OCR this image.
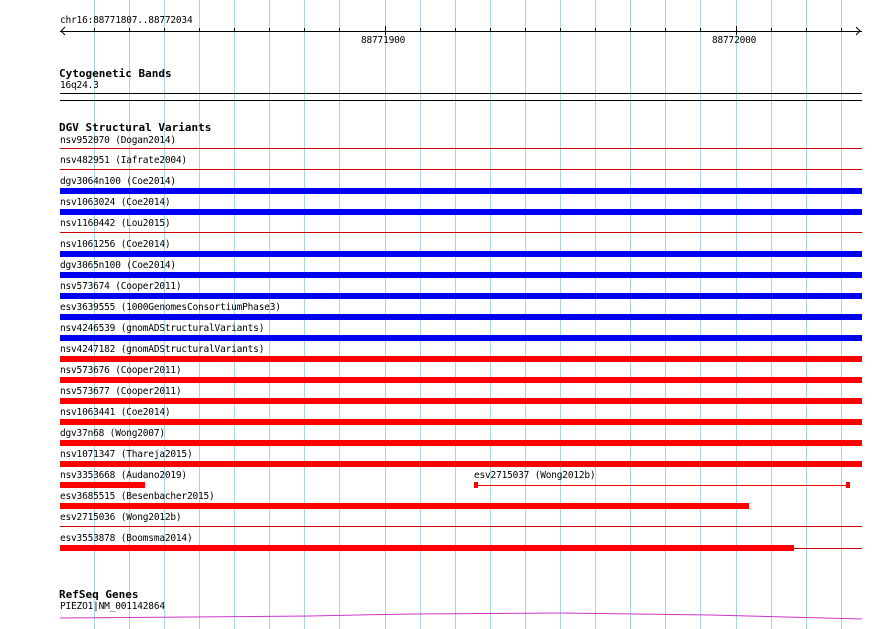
chr16:88771807..88772034
88771900	88772000
Cytogenetic Bands
16q24.3
DGV Structural Variants
nsv952070 (Dogan2014)
nsv482951 (Iafrate2004)
dgv3064n100 (Coe2014)
nsv1063024 (Coe2014)
nsv1160442 (Lou2015)
nsv1061256 (Coe2014)
dgv3065n100 (Coe2014)
nsv573674 (Cooper2011)
esv3639555 (1000GenomesConsortiumPhase3)
nsv4246539 (gnomADStructuralVariants)
nsv4247182 (gnomADStructuralVariants)
nsv573676 (Cooper2011)
nsv573677 (Cooper2011)
nsv1063441 (Coe2014)
dgv37n68 (Wong2007)
nsv1071347 (Thareja2015)
nsv3353668 (Audano2019)	esv2715037 (Wong2012b)
esv3685515 (Besenbacher2015)
esv2715036 (Wong2012b)
esv3553878 (Boomsma2014)
RefSeq Genes
PIEZO1|NM_001142864
